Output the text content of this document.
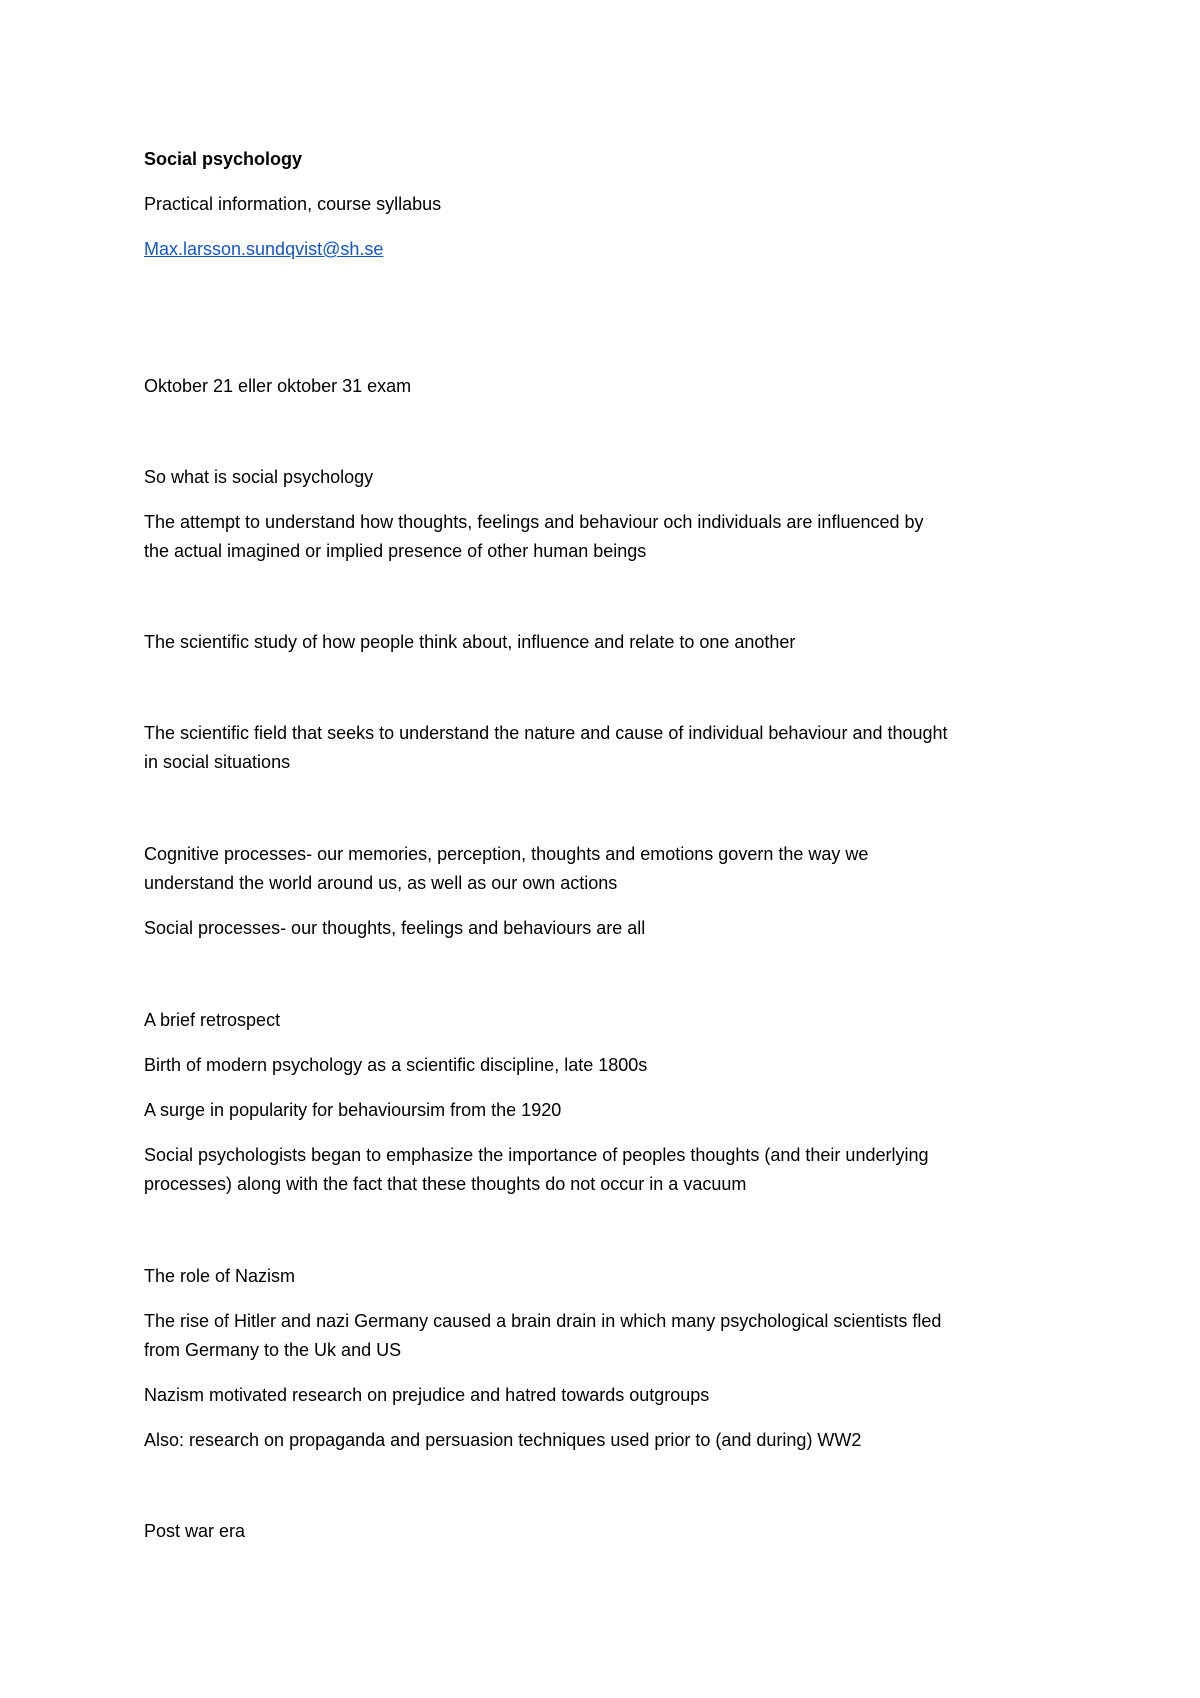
Social psychology
Practical information, course syllabus
Max.larsson.sundqvist@sh.se
Oktober 21 eller oktober 31 exam
So what is social psychology
The attempt to understand how thoughts, feelings and behaviour och individuals are influenced by
the actual imagined or implied presence of other human beings
The scientific study of how people think about, influence and relate to one another
The scientific field that seeks to understand the nature and cause of individual behaviour and thought
in social situations
Cognitive processes- our memories, perception, thoughts and emotions govern the way we
understand the world around us, as well as our own actions
Social processes- our thoughts, feelings and behaviours are all
A brief retrospect
Birth of modern psychology as a scientific discipline, late 1800s
A surge in popularity for behavioursim from the 1920
Social psychologists began to emphasize the importance of peoples thoughts (and their underlying
processes) along with the fact that these thoughts do not occur in a vacuum
The role of Nazism
The rise of Hitler and nazi Germany caused a brain drain in which many psychological scientists fled
from Germany to the Uk and US
Nazism motivated research on prejudice and hatred towards outgroups
Also: research on propaganda and persuasion techniques used prior to (and during) WW2
Post war era
